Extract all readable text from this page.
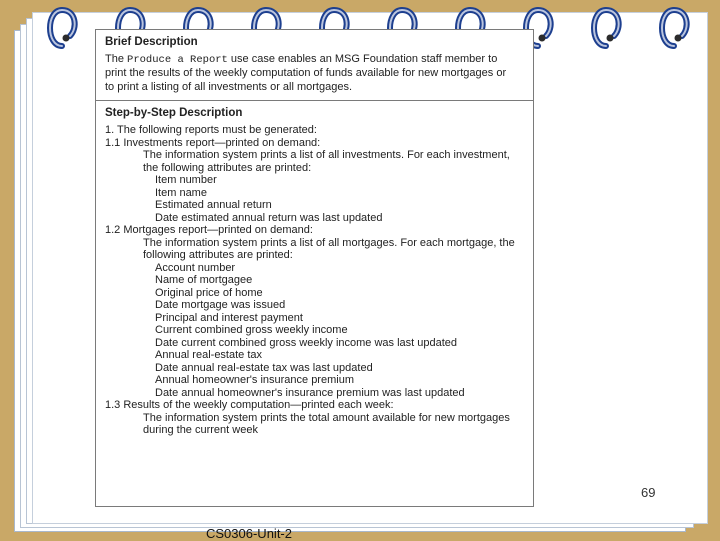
Brief Description

The Produce a Report use case enables an MSG Foundation staff member to print the results of the weekly computation of funds available for new mortgages or to print a listing of all investments or all mortgages.

Step-by-Step Description
1. The following reports must be generated:
1.1 Investments report—printed on demand:
The information system prints a list of all investments. For each investment, the following attributes are printed:
Item number
Item name
Estimated annual return
Date estimated annual return was last updated
1.2 Mortgages report—printed on demand:
The information system prints a list of all mortgages. For each mortgage, the following attributes are printed:
Account number
Name of mortgagee
Original price of home
Date mortgage was issued
Principal and interest payment
Current combined gross weekly income
Date current combined gross weekly income was last updated
Annual real-estate tax
Date annual real-estate tax was last updated
Annual homeowner's insurance premium
Date annual homeowner's insurance premium was last updated
1.3 Results of the weekly computation—printed each week:
The information system prints the total amount available for new mortgages during the current week
69
CS0306-Unit-2
